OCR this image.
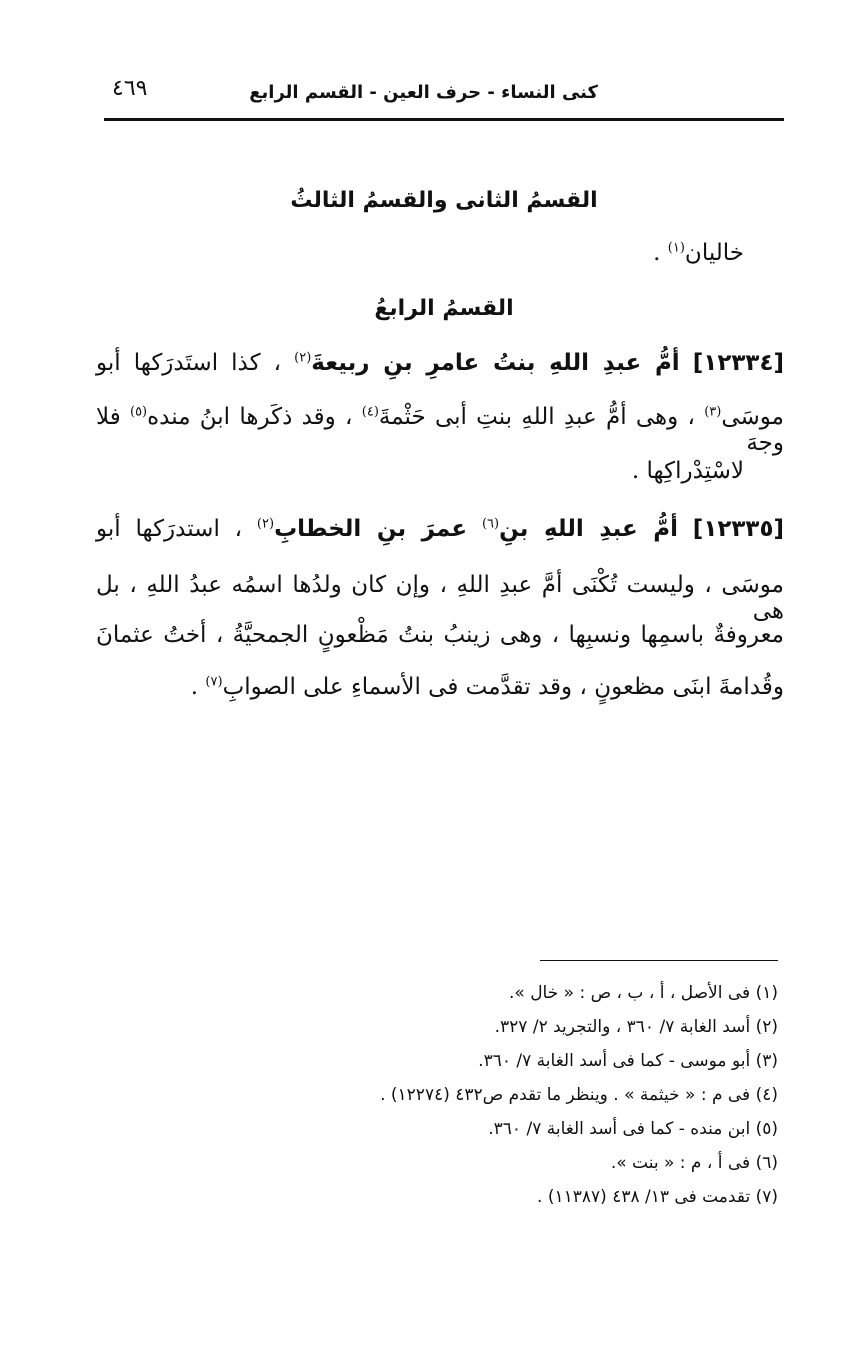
٤٦٩	كنى النساء - حرف العين - القسم الرابع
القسمُ الثانى والقسمُ الثالثُ
خاليان$^{(١)}$ .
القسمُ الرابعُ
[١٢٣٣٤] أمُّ عبدِ اللهِ بنتُ عامرِ بنِ ربيعةَ$^{(٢)}$ ، كذا استَدرَكها أبو
موسَى$^{(٣)}$ ، وهى أمُّ عبدِ اللهِ بنتِ أبى حَثْمةَ$^{(٤)}$ ، وقد ذكَرها ابنُ منده$^{(٥)}$ فلا وجهَ
لاسْتِدْراكِها .
[١٢٣٣٥] أمُّ عبدِ اللهِ بنِ$^{(٦)}$ عمرَ بنِ الخطابِ$^{(٢)}$ ، استدرَكها أبو
موسَى ، وليست تُكْنَى أمَّ عبدِ اللهِ ، وإن كان ولدُها اسمُه عبدُ اللهِ ، بل هى
معروفةٌ باسمِها ونسبِها ، وهى زينبُ بنتُ مَظْعونٍ الجمحيَّةُ ، أختُ عثمانَ
وقُدامةَ ابنَى مظعونٍ ، وقد تقدَّمت فى الأسماءِ على الصوابِ$^{(٧)}$ .
(١) فى الأصل ، أ ، ب ، ص : « خال ».
(٢) أسد الغابة ٧/ ٣٦٠ ، والتجريد ٢/ ٣٢٧.
(٣) أبو موسى - كما فى أسد الغابة ٧/ ٣٦٠.
(٤) فى م : « خيثمة » . وينظر ما تقدم ص٤٣٢ (١٢٢٧٤) .
(٥) ابن منده - كما فى أسد الغابة ٧/ ٣٦٠.
(٦) فى أ ، م : « بنت ».
(٧) تقدمت فى ١٣/ ٤٣٨ (١١٣٨٧) .
